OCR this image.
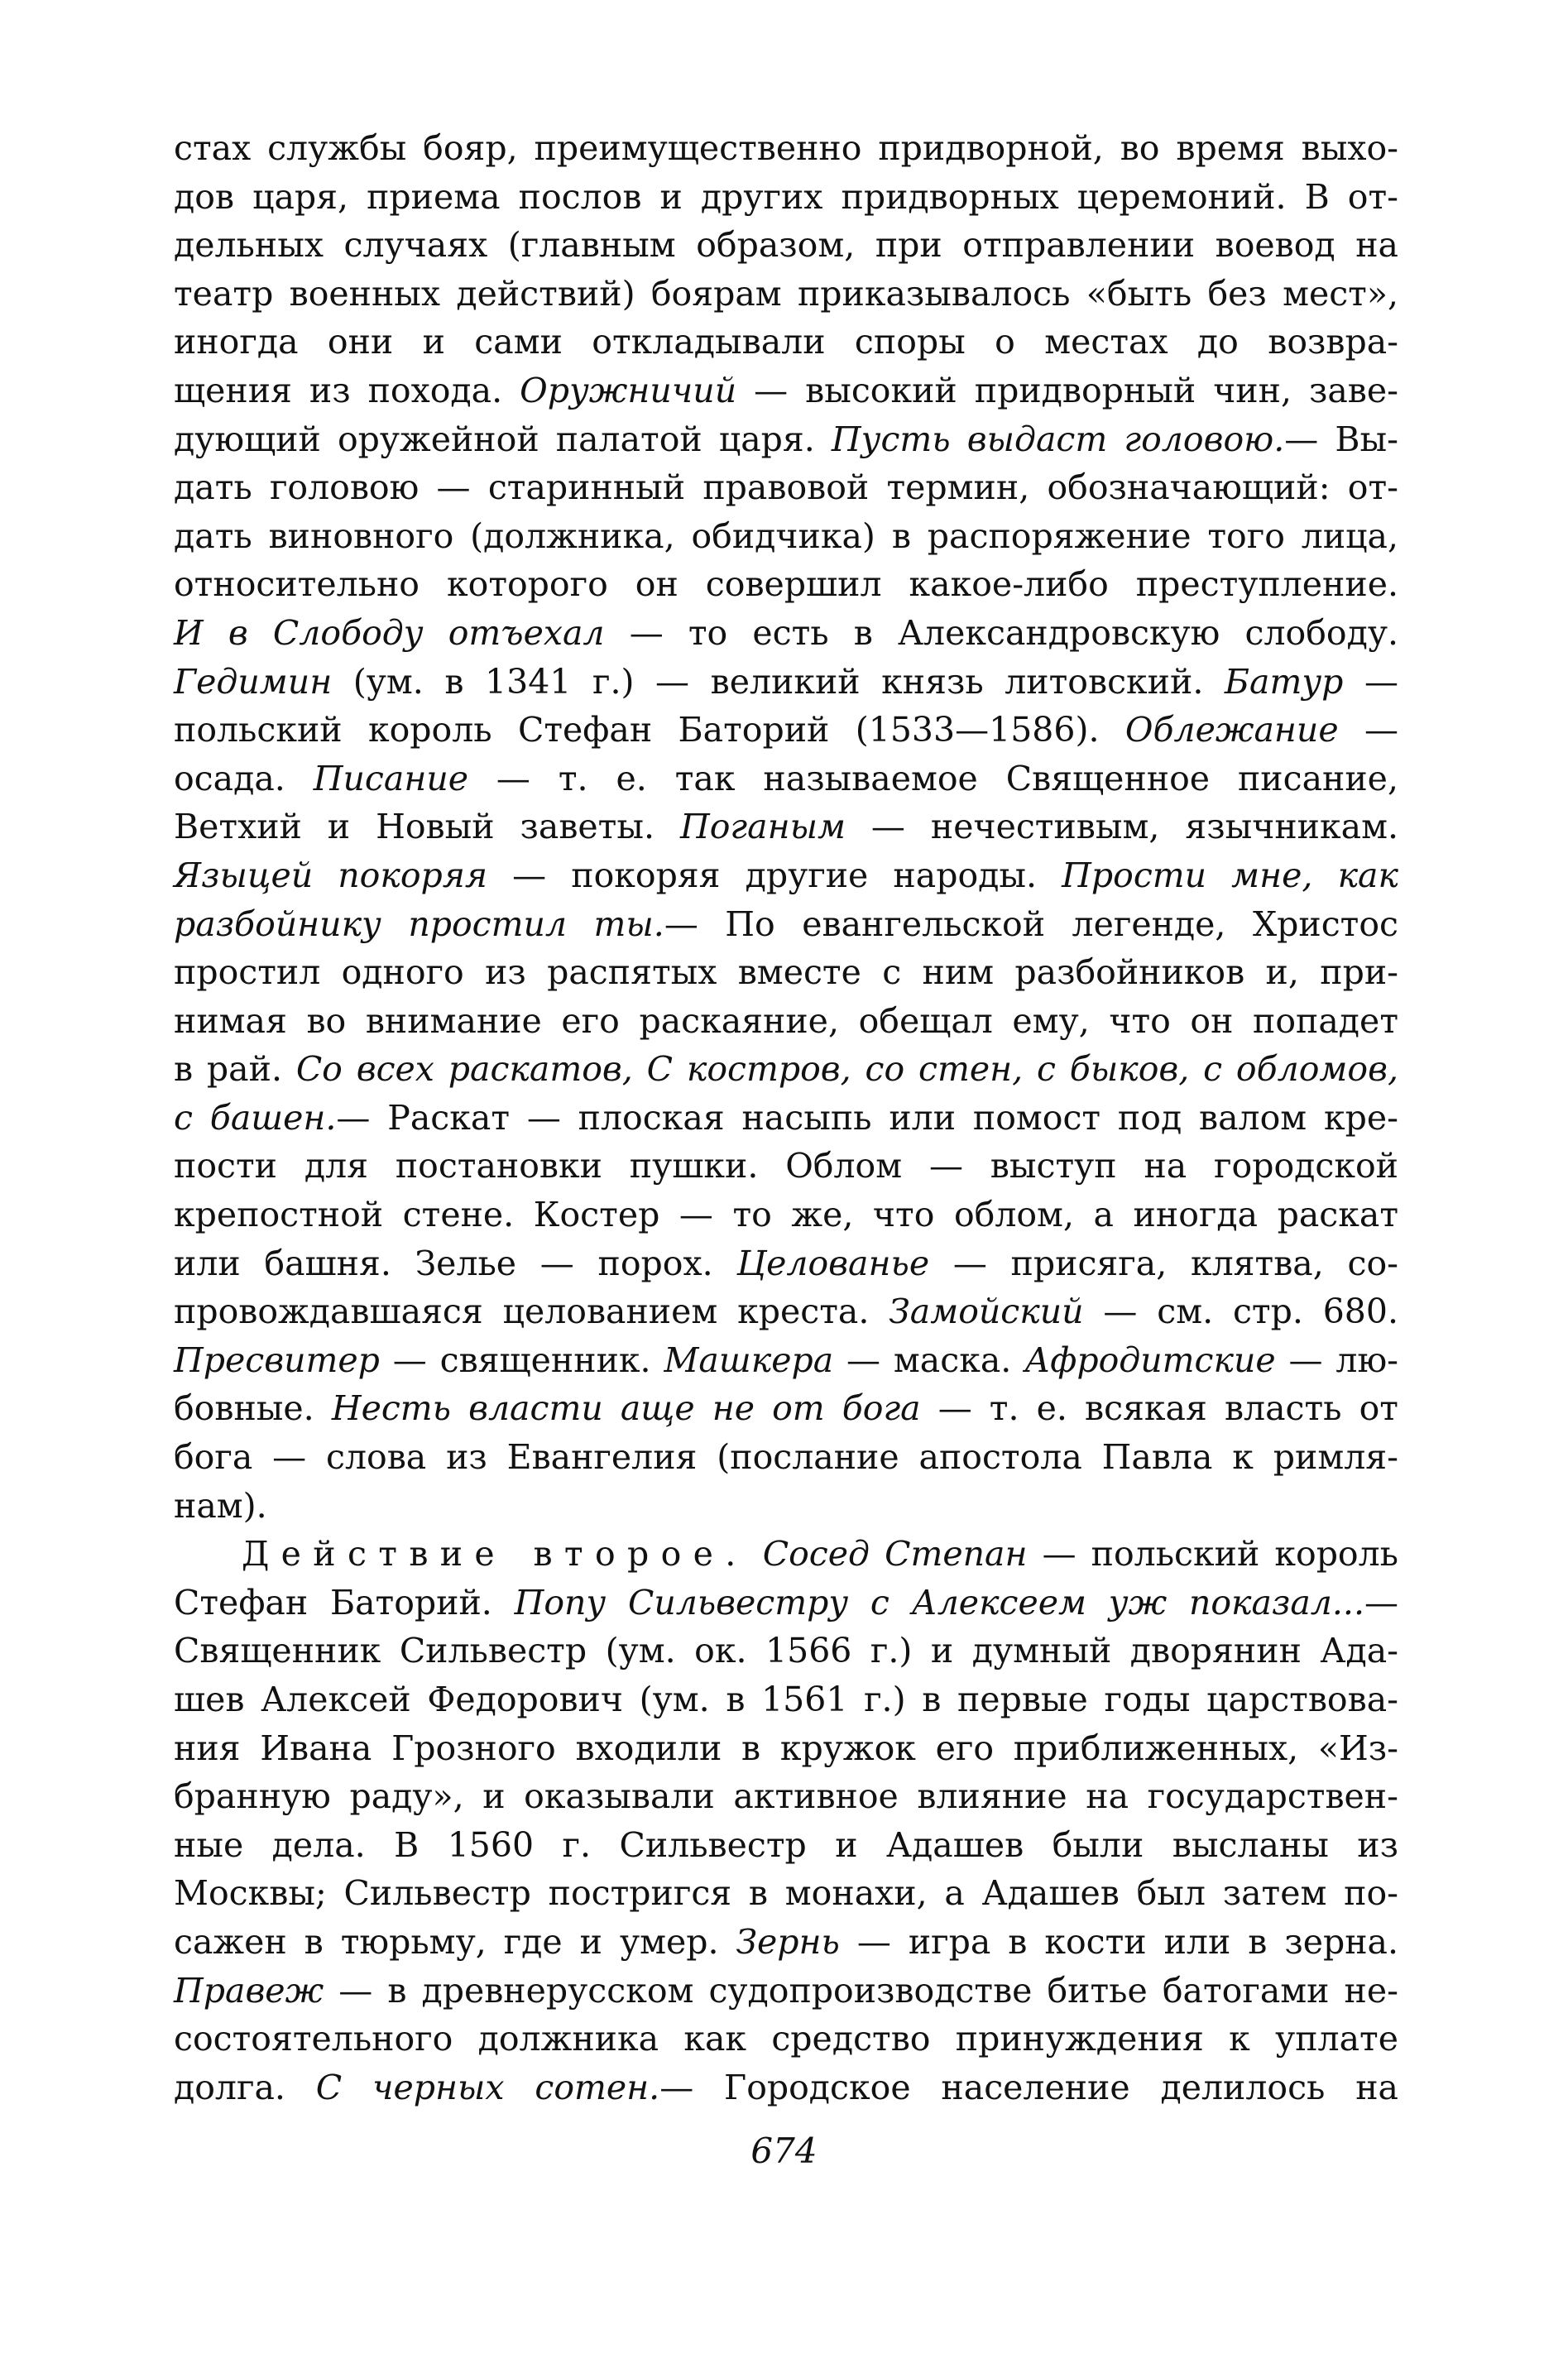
стах службы бояр, преимущественно придворной, во время выхо-
дов царя, приема послов и других придворных церемоний. В от-
дельных случаях (главным образом, при отправлении воевод на
театр военных действий) боярам приказывалось «быть без мест»,
иногда они и сами откладывали споры о местах до возвра-
щения из похода. Оружничий — высокий придворный чин, заве-
дующий оружейной палатой царя. Пусть выдаст головою.— Вы-
дать головою — старинный правовой термин, обозначающий: от-
дать виновного (должника, обидчика) в распоряжение того лица,
относительно которого он совершил какое-либо преступление.
И в Слободу отъехал — то есть в Александровскую слободу.
Гедимин (ум. в 1341 г.) — великий князь литовский. Батур —
польский король Стефан Баторий (1533—1586). Облежание —
осада. Писание — т. е. так называемое Священное писание,
Ветхий и Новый заветы. Поганым — нечестивым, язычникам.
Языцей покоряя — покоряя другие народы. Прости мне, как
разбойнику простил ты.— По евангельской легенде, Христос
простил одного из распятых вместе с ним разбойников и, при-
нимая во внимание его раскаяние, обещал ему, что он попадет
в рай. Со всех раскатов, С костров, со стен, с быков, с обломов,
с башен.— Раскат — плоская насыпь или помост под валом кре-
пости для постановки пушки. Облом — выступ на городской
крепостной стене. Костер — то же, что облом, а иногда раскат
или башня. Зелье — порох. Целованье — присяга, клятва, со-
провождавшаяся целованием креста. Замойский — см. стр. 680.
Пресвитер — священник. Машкера — маска. Афродитские — лю-
бовные. Несть власти аще не от бога — т. е. всякая власть от
бога — слова из Евангелия (послание апостола Павла к римля-
нам).
Действие второе. Сосед Степан — польский король
Стефан Баторий. Попу Сильвестру с Алексеем уж показал...—
Священник Сильвестр (ум. ок. 1566 г.) и думный дворянин Ада-
шев Алексей Федорович (ум. в 1561 г.) в первые годы царствова-
ния Ивана Грозного входили в кружок его приближенных, «Из-
бранную раду», и оказывали активное влияние на государствен-
ные дела. В 1560 г. Сильвестр и Адашев были высланы из
Москвы; Сильвестр постригся в монахи, а Адашев был затем по-
сажен в тюрьму, где и умер. Зернь — игра в кости или в зерна.
Правеж — в древнерусском судопроизводстве битье батогами не-
состоятельного должника как средство принуждения к уплате
долга. С черных сотен.— Городское население делилось на
674
